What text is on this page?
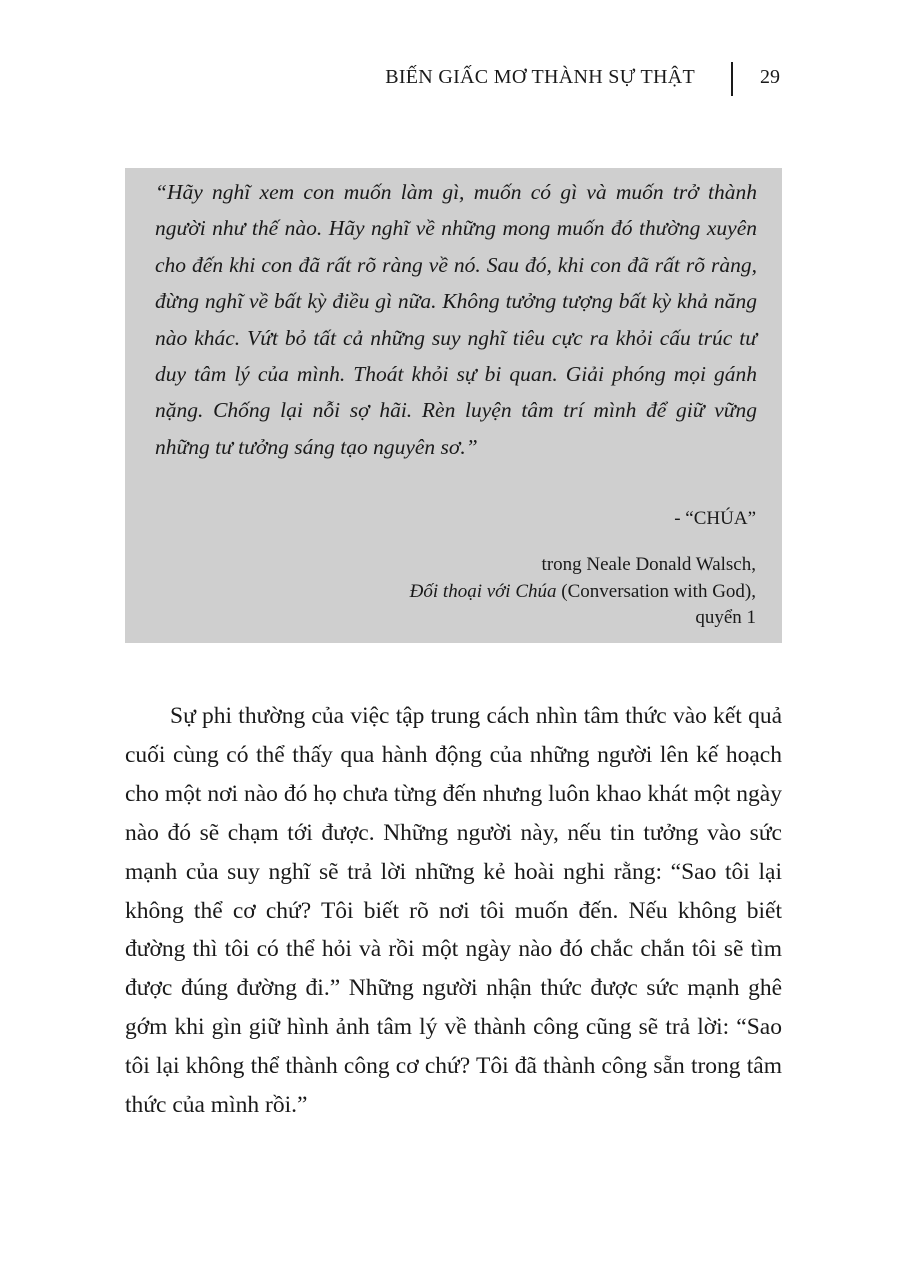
BIẾN GIẤC MƠ THÀNH SỰ THẬT	29

“Hãy nghĩ xem con muốn làm gì, muốn có gì và muốn trở thành người như thế nào. Hãy nghĩ về những mong muốn đó thường xuyên cho đến khi con đã rất rõ ràng về nó. Sau đó, khi con đã rất rõ ràng, đừng nghĩ về bất kỳ điều gì nữa. Không tưởng tượng bất kỳ khả năng nào khác. Vứt bỏ tất cả những suy nghĩ tiêu cực ra khỏi cấu trúc tư duy tâm lý của mình. Thoát khỏi sự bi quan. Giải phóng mọi gánh nặng. Chống lại nỗi sợ hãi. Rèn luyện tâm trí mình để giữ vững những tư tưởng sáng tạo nguyên sơ.”

- “CHÚA”
trong Neale Donald Walsch,
Đối thoại với Chúa (Conversation with God),
quyển 1

Sự phi thường của việc tập trung cách nhìn tâm thức vào kết quả cuối cùng có thể thấy qua hành động của những người lên kế hoạch cho một nơi nào đó họ chưa từng đến nhưng luôn khao khát một ngày nào đó sẽ chạm tới được. Những người này, nếu tin tưởng vào sức mạnh của suy nghĩ sẽ trả lời những kẻ hoài nghi rằng: “Sao tôi lại không thể cơ chứ? Tôi biết rõ nơi tôi muốn đến. Nếu không biết đường thì tôi có thể hỏi và rồi một ngày nào đó chắc chắn tôi sẽ tìm được đúng đường đi.” Những người nhận thức được sức mạnh ghê gớm khi gìn giữ hình ảnh tâm lý về thành công cũng sẽ trả lời: “Sao tôi lại không thể thành công cơ chứ? Tôi đã thành công sẵn trong tâm thức của mình rồi.”
